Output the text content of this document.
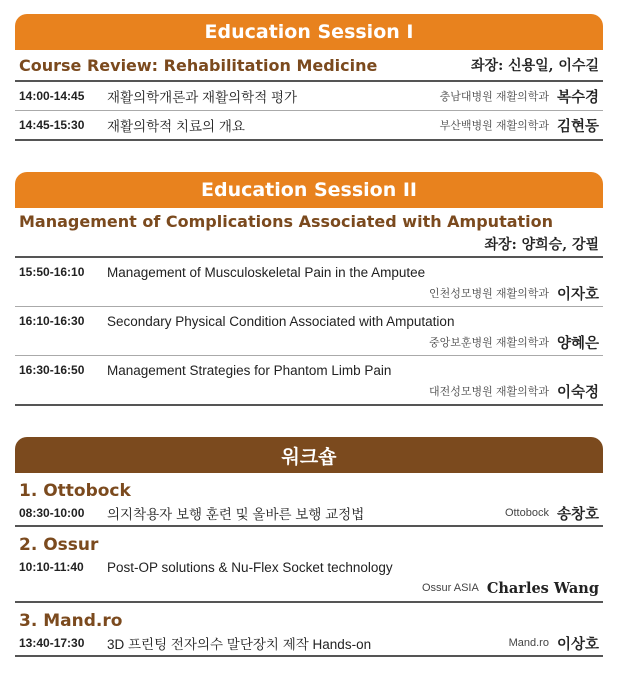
Education Session I
Course Review: Rehabilitation Medicine	좌장: 신용일, 이수길
14:00-14:45	재활의학개론과 재활의학적 평가	충남대병원 재활의학과 복수경
14:45-15:30	재활의학적 치료의 개요	부산백병원 재활의학과 김현동
Education Session II
Management of Complications Associated with Amputation
좌장: 양희승, 강필
15:50-16:10	Management of Musculoskeletal Pain in the Amputee
인천성모병원 재활의학과 이자호
16:10-16:30	Secondary Physical Condition Associated with Amputation
중앙보훈병원 재활의학과 양혜은
16:30-16:50	Management Strategies for Phantom Limb Pain
대전성모병원 재활의학과 이숙정
워크숍
1. Ottobock
08:30-10:00	의지착용자 보행 훈련 및 올바른 보행 교정법	Ottobock 송창호
2. Ossur
10:10-11:40	Post-OP solutions & Nu-Flex Socket technology
Ossur ASIA Charles Wang
3. Mand.ro
13:40-17:30	3D 프린팅 전자의수 말단장치 제작 Hands-on	Mand.ro 이상호
